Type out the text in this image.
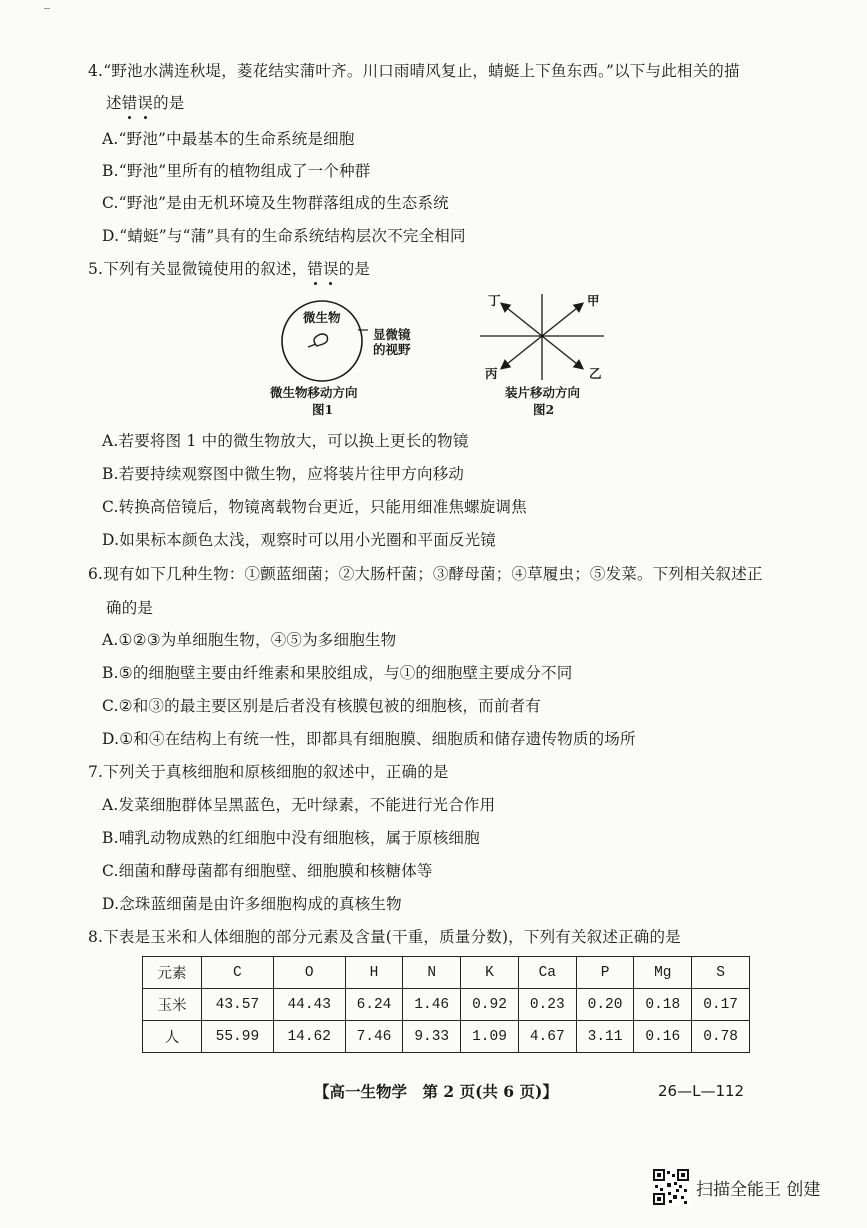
4.“野池水满连秋堤，菱花结实蒲叶齐。川口雨晴风复止，蜻蜓上下鱼东西。”以下与此相关的描
述错误的是
A.“野池”中最基本的生命系统是细胞
B.“野池”里所有的植物组成了一个种群
C.“野池”是由无机环境及生物群落组成的生态系统
D.“蜻蜓”与“蒲”具有的生命系统结构层次不完全相同
5.下列有关显微镜使用的叙述，错误的是
微生物
显微镜
的视野
微生物移动方向
图1
丁	甲
丙	乙
装片移动方向
图2
A.若要将图 1 中的微生物放大，可以换上更长的物镜
B.若要持续观察图中微生物，应将装片往甲方向移动
C.转换高倍镜后，物镜离载物台更近，只能用细准焦螺旋调焦
D.如果标本颜色太浅，观察时可以用小光圈和平面反光镜
6.现有如下几种生物：①颤蓝细菌；②大肠杆菌；③酵母菌；④草履虫；⑤发菜。下列相关叙述正
确的是
A.①②③为单细胞生物，④⑤为多细胞生物
B.⑤的细胞壁主要由纤维素和果胶组成，与①的细胞壁主要成分不同
C.②和③的最主要区别是后者没有核膜包被的细胞核，而前者有
D.①和④在结构上有统一性，即都具有细胞膜、细胞质和储存遗传物质的场所
7.下列关于真核细胞和原核细胞的叙述中，正确的是
A.发菜细胞群体呈黑蓝色，无叶绿素，不能进行光合作用
B.哺乳动物成熟的红细胞中没有细胞核，属于原核细胞
C.细菌和酵母菌都有细胞壁、细胞膜和核糖体等
D.念珠蓝细菌是由许多细胞构成的真核生物
8.下表是玉米和人体细胞的部分元素及含量(干重，质量分数)，下列有关叙述正确的是
元素	C	O	H	N	K	Ca	P	Mg	S
玉米	43.57	44.43	6.24	1.46	0.92	0.23	0.20	0.18	0.17
人	55.99	14.62	7.46	9.33	1.09	4.67	3.11	0.16	0.78
【高一生物学　第 2 页(共 6 页)】	26—L—112
扫描全能王 创建
